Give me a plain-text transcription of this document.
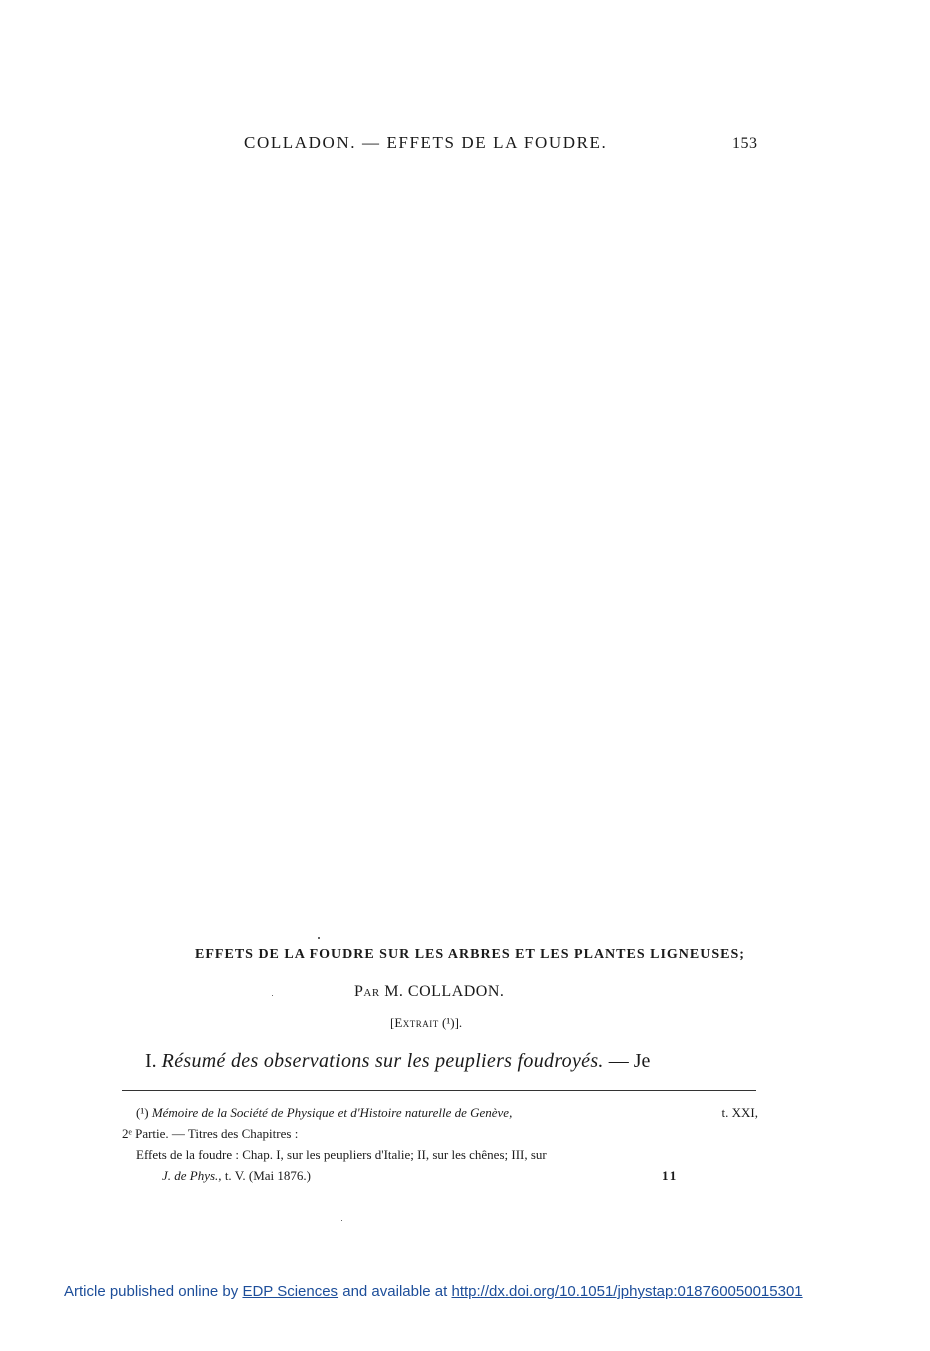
COLLADON. — EFFETS DE LA FOUDRE.	153
EFFETS DE LA FOUDRE SUR LES ARBRES ET LES PLANTES LIGNEUSES;
Par M. COLLADON.
[Extrait (¹)].
I. Résumé des observations sur les peupliers foudroyés. — Je
(¹) Mémoire de la Société de Physique et d'Histoire naturelle de Genève,	t. XXI,
2ᵉ Partie. — Titres des Chapitres :
Effets de la foudre : Chap. I, sur les peupliers d'Italie; II, sur les chênes; III, sur
J. de Phys., t. V. (Mai 1876.)	11
Article published online by EDP Sciences and available at http://dx.doi.org/10.1051/jphystap:018760050015301
